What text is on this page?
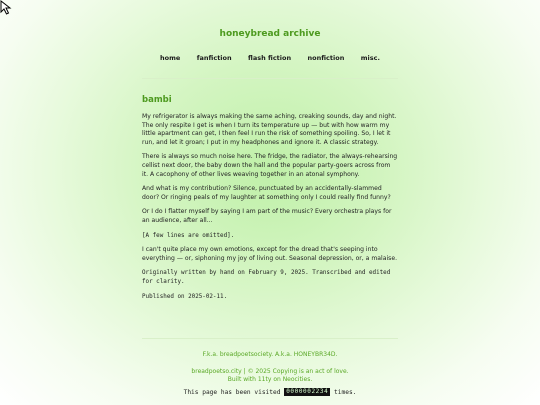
honeybread archive
home	fanfiction	flash fiction	nonfiction	misc.
bambi

My refrigerator is always making the same aching, creaking sounds, day and night. The only respite I get is when I turn its temperature up — but with how warm my little apartment can get, I then feel I run the risk of something spoiling. So, I let it run, and let it groan; I put in my headphones and ignore it. A classic strategy.

There is always so much noise here. The fridge, the radiator, the always-rehearsing cellist next door, the baby down the hall and the popular party-goers across from it. A cacophony of other lives weaving together in an atonal symphony.

And what is my contribution? Silence, punctuated by an accidentally-slammed door? Or ringing peals of my laughter at something only I could really find funny?

Or I do I flatter myself by saying I am part of the music? Every orchestra plays for an audience, after all...

[A few lines are omitted].

I can't quite place my own emotions, except for the dread that's seeping into everything — or, siphoning my joy of living out. Seasonal depression, or, a malaise.

Originally written by hand on February 9, 2025. Transcribed and edited for clarity.

Published on 2025-02-11.

F.k.a. breadpoetsociety. A.k.a. HONEYBR34D.

breadpoetso.city | © 2025 Copying is an act of love.

Built with 11ty on Neocities.

This page has been visited 0000002234 times.
